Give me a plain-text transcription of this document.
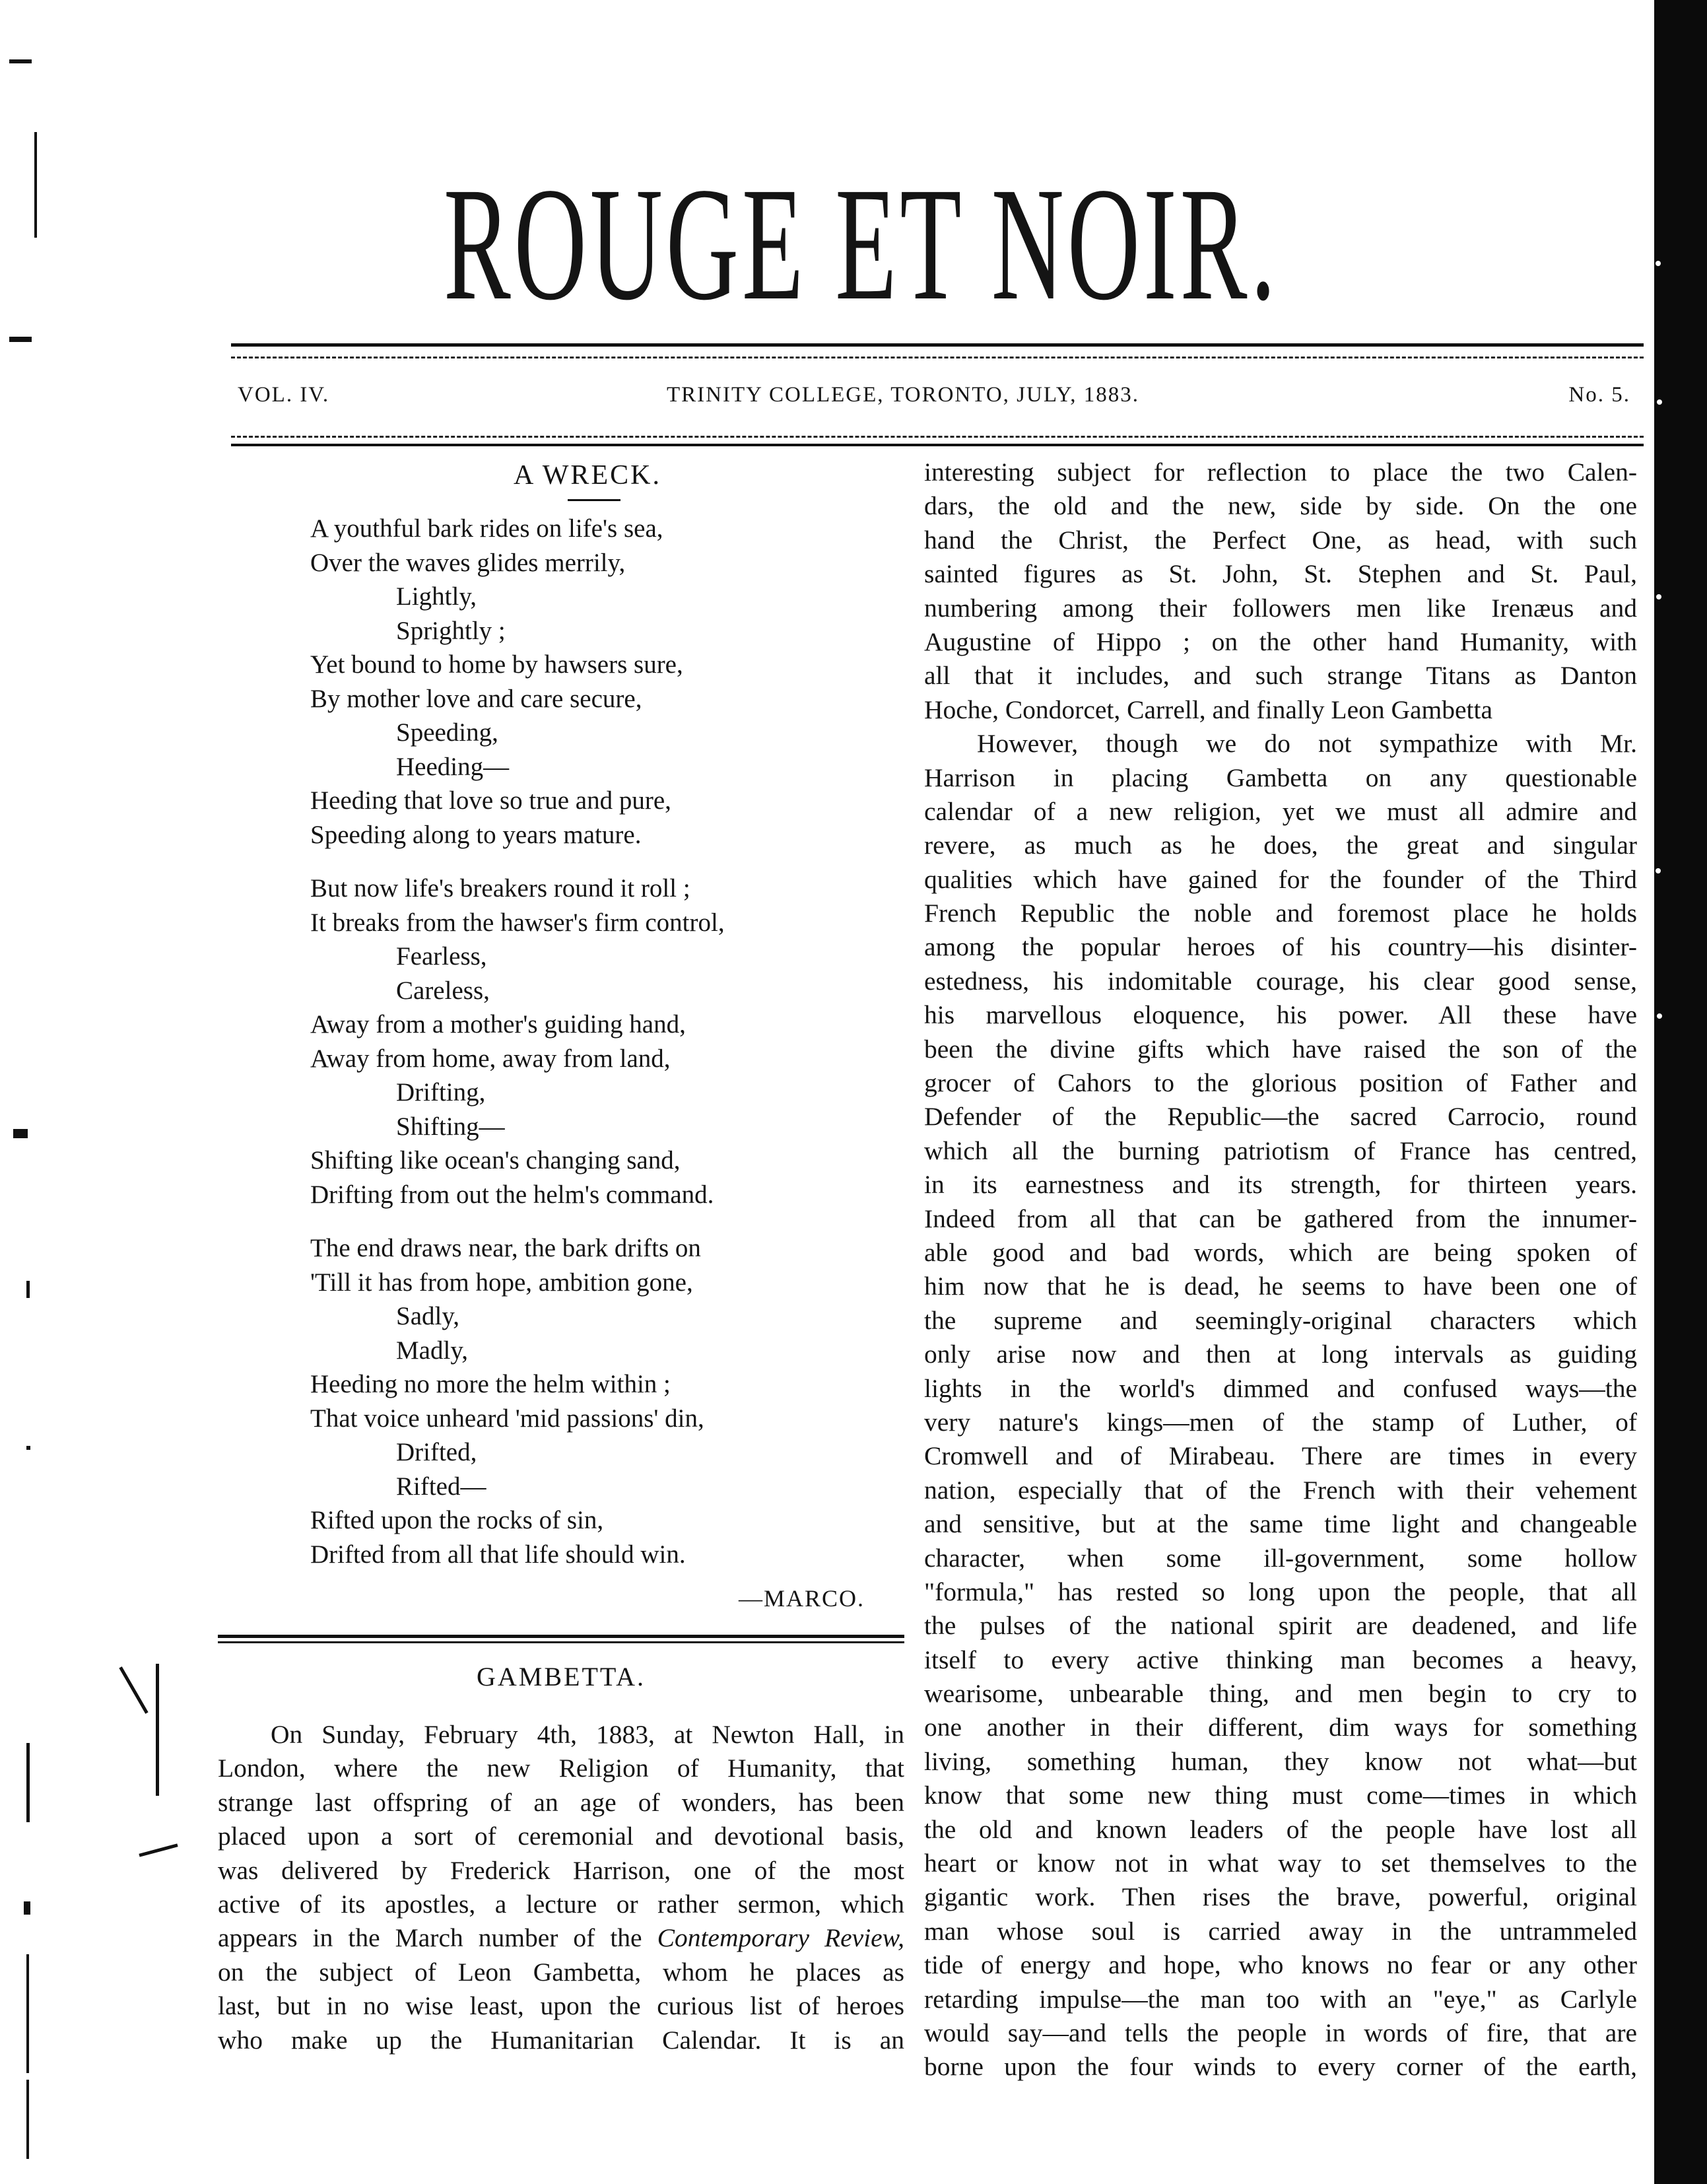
ROUGE ET NOIR.
VOL. IV.	TRINITY COLLEGE, TORONTO, JULY, 1883.	No. 5.
A WRECK.
A youthful bark rides on life's sea,
Over the waves glides merrily,
Lightly,
Sprightly ;
Yet bound to home by hawsers sure,
By mother love and care secure,
Speeding,
Heeding—
Heeding that love so true and pure,
Speeding along to years mature.
But now life's breakers round it roll ;
It breaks from the hawser's firm control,
Fearless,
Careless,
Away from a mother's guiding hand,
Away from home, away from land,
Drifting,
Shifting—
Shifting like ocean's changing sand,
Drifting from out the helm's command.
The end draws near, the bark drifts on
'Till it has from hope, ambition gone,
Sadly,
Madly,
Heeding no more the helm within ;
That voice unheard 'mid passions' din,
Drifted,
Rifted—
Rifted upon the rocks of sin,
Drifted from all that life should win.
—MARCO.
GAMBETTA.
On Sunday, February 4th, 1883, at Newton Hall, in
London, where the new Religion of Humanity, that
strange last offspring of an age of wonders, has been
placed upon a sort of ceremonial and devotional basis,
was delivered by Frederick Harrison, one of the most
active of its apostles, a lecture or rather sermon, which
appears in the March number of the Contemporary Review,
on the subject of Leon Gambetta, whom he places as
last, but in no wise least, upon the curious list of heroes
who make up the Humanitarian Calendar. It is an
interesting subject for reflection to place the two Calen-
dars, the old and the new, side by side. On the one
hand the Christ, the Perfect One, as head, with such
sainted figures as St. John, St. Stephen and St. Paul,
numbering among their followers men like Irenæus and
Augustine of Hippo ; on the other hand Humanity, with
all that it includes, and such strange Titans as Danton
Hoche, Condorcet, Carrell, and finally Leon Gambetta
However, though we do not sympathize with Mr.
Harrison in placing Gambetta on any questionable
calendar of a new religion, yet we must all admire and
revere, as much as he does, the great and singular
qualities which have gained for the founder of the Third
French Republic the noble and foremost place he holds
among the popular heroes of his country—his disinter-
estedness, his indomitable courage, his clear good sense,
his marvellous eloquence, his power. All these have
been the divine gifts which have raised the son of the
grocer of Cahors to the glorious position of Father and
Defender of the Republic—the sacred Carrocio, round
which all the burning patriotism of France has centred,
in its earnestness and its strength, for thirteen years.
Indeed from all that can be gathered from the innumer-
able good and bad words, which are being spoken of
him now that he is dead, he seems to have been one of
the supreme and seemingly-original characters which
only arise now and then at long intervals as guiding
lights in the world's dimmed and confused ways—the
very nature's kings—men of the stamp of Luther, of
Cromwell and of Mirabeau. There are times in every
nation, especially that of the French with their vehement
and sensitive, but at the same time light and changeable
character, when some ill-government, some hollow
"formula," has rested so long upon the people, that all
the pulses of the national spirit are deadened, and life
itself to every active thinking man becomes a heavy,
wearisome, unbearable thing, and men begin to cry to
one another in their different, dim ways for something
living, something human, they know not what—but
know that some new thing must come—times in which
the old and known leaders of the people have lost all
heart or know not in what way to set themselves to the
gigantic work. Then rises the brave, powerful, original
man whose soul is carried away in the untrammeled
tide of energy and hope, who knows no fear or any other
retarding impulse—the man too with an "eye," as Carlyle
would say—and tells the people in words of fire, that are
borne upon the four winds to every corner of the earth,
